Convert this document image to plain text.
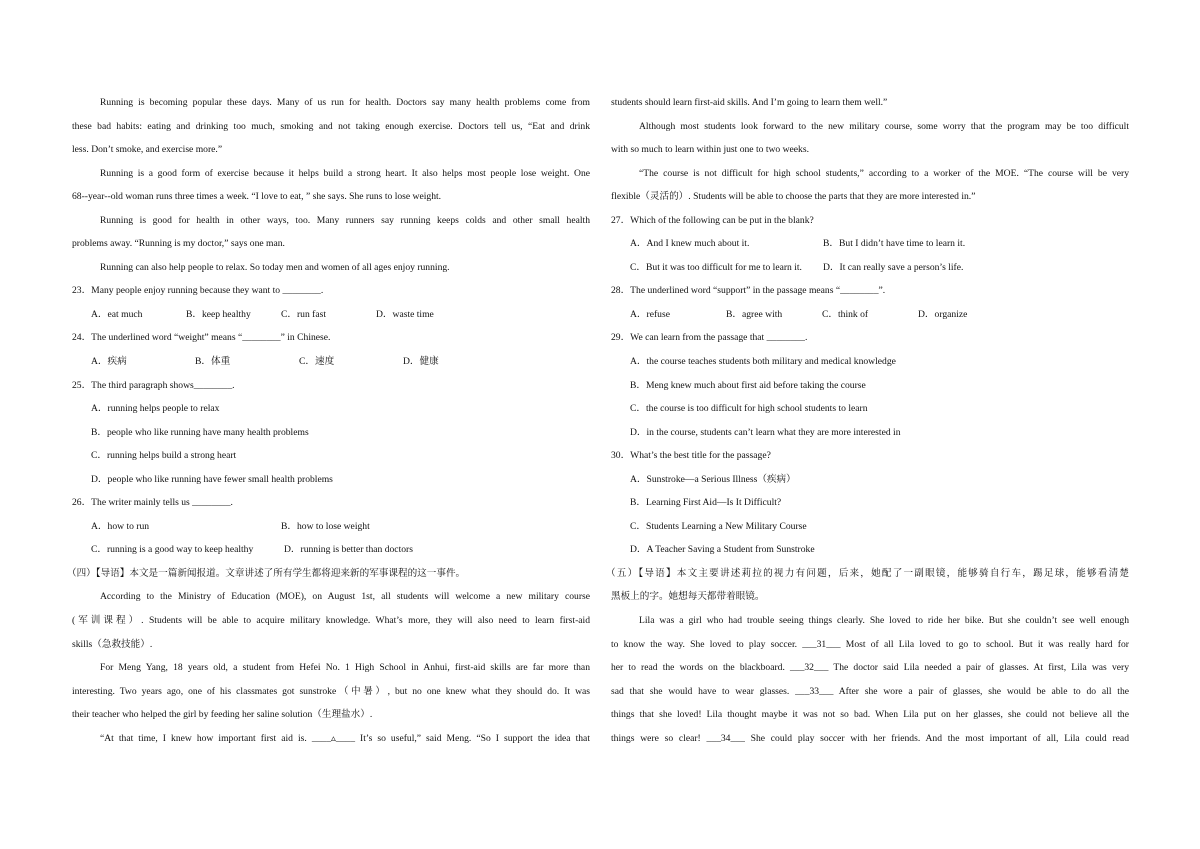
Running is becoming popular these days. Many of us run for health. Doctors say many health problems come from
these bad habits: eating and drinking too much, smoking and not taking enough exercise. Doctors tell us, “Eat and drink
less. Don’t smoke, and exercise more.”
Running is a good form of exercise because it helps build a strong heart. It also helps most people lose weight. One
68--year--old woman runs three times a week. “I love to eat, ” she says. She runs to lose weight.
Running is good for health in other ways, too. Many runners say running keeps colds and other small health
problems away. “Running is my doctor,” says one man.
Running can also help people to relax. So today men and women of all ages enjoy running.
23．Many people enjoy running because they want to ________.
A．eat much	B．keep healthy	C．run fast	D．waste time
24．The underlined word “weight” means “________” in Chinese.
A．疾病	B．体重	C．速度	D．健康
25．The third paragraph shows________.
A．running helps people to relax
B．people who like running have many health problems
C．running helps build a strong heart
D．people who like running have fewer small health problems
26．The writer mainly tells us ________.
A．how to run	B．how to lose weight
C．running is a good way to keep healthy	D．running is better than doctors
（四）【导语】本文是一篇新闻报道。文章讲述了所有学生都将迎来新的军事课程的这一事件。
According to the Ministry of Education (MOE), on August 1st, all students will welcome a new military course
(军训课程）. Students will be able to acquire military knowledge. What’s more, they will also need to learn first-aid
skills（急救技能）.
For Meng Yang, 18 years old, a student from Hefei No. 1 High School in Anhui, first-aid skills are far more than
interesting. Two years ago, one of his classmates got sunstroke（中暑）, but no one knew what they should do. It was
their teacher who helped the girl by feeding her saline solution（生理盐水）.
“At that time, I knew how important first aid is. ____▵____ It’s so useful,” said Meng. “So I support the idea that
students should learn first-aid skills. And I’m going to learn them well.”
Although most students look forward to the new military course, some worry that the program may be too difficult
with so much to learn within just one to two weeks.
“The course is not difficult for high school students,” according to a worker of the MOE. “The course will be very
flexible（灵活的）. Students will be able to choose the parts that they are more interested in.”
27．Which of the following can be put in the blank?
A．And I knew much about it.	B．But I didn’t have time to learn it.
C．But it was too difficult for me to learn it.	D．It can really save a person’s life.
28．The underlined word “support” in the passage means “________”.
A．refuse	B．agree with	C．think of	D．organize
29．We can learn from the passage that ________.
A．the course teaches students both military and medical knowledge
B．Meng knew much about first aid before taking the course
C．the course is too difficult for high school students to learn
D．in the course, students can’t learn what they are more interested in
30．What’s the best title for the passage?
A．Sunstroke—a Serious Illness（疾病）
B．Learning First Aid—Is It Difficult?
C．Students Learning a New Military Course
D．A Teacher Saving a Student from Sunstroke
（五）【导语】本文主要讲述莉拉的视力有问题，后来，她配了一副眼镜，能够骑自行车，踢足球，能够看清楚
黑板上的字。她想每天都带着眼镜。
Lila was a girl who had trouble seeing things clearly. She loved to ride her bike. But she couldn’t see well enough
to know the way. She loved to play soccer. ___31___ Most of all Lila loved to go to school. But it was really hard for
her to read the words on the blackboard. ___32___ The doctor said Lila needed a pair of glasses. At first, Lila was very
sad that she would have to wear glasses. ___33___ After she wore a pair of glasses, she would be able to do all the
things that she loved! Lila thought maybe it was not so bad. When Lila put on her glasses, she could not believe all the
things were so clear! ___34___ She could play soccer with her friends. And the most important of all, Lila could read
